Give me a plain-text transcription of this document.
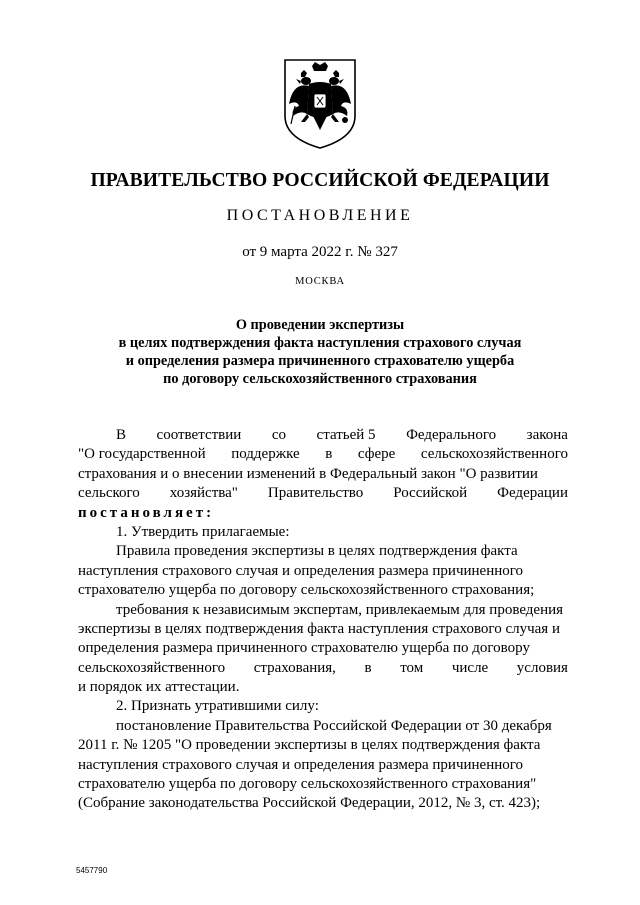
ПРАВИТЕЛЬСТВО РОССИЙСКОЙ ФЕДЕРАЦИИ
ПОСТАНОВЛЕНИЕ
от 9 марта 2022 г. № 327
МОСКВА
О проведении экспертизы
в целях подтверждения факта наступления страхового случая
и определения размера причиненного страхователю ущерба
по договору сельскохозяйственного страхования
В соответствии со статьей 5 Федерального закона
"О государственной поддержке в сфере сельскохозяйственного
страхования и о внесении изменений в Федеральный закон "О развитии
сельского хозяйства" Правительство Российской Федерации
постановляет:
1. Утвердить прилагаемые:
Правила проведения экспертизы в целях подтверждения факта
наступления страхового случая и определения размера причиненного
страхователю ущерба по договору сельскохозяйственного страхования;
требования к независимым экспертам, привлекаемым для проведения
экспертизы в целях подтверждения факта наступления страхового случая и
определения размера причиненного страхователю ущерба по договору
сельскохозяйственного страхования, в том числе условия
и порядок их аттестации.
2. Признать утратившими силу:
постановление Правительства Российской Федерации от 30 декабря
2011 г. № 1205 "О проведении экспертизы в целях подтверждения факта
наступления страхового случая и определения размера причиненного
страхователю ущерба по договору сельскохозяйственного страхования"
(Собрание законодательства Российской Федерации, 2012, № 3, ст. 423);
5457790
